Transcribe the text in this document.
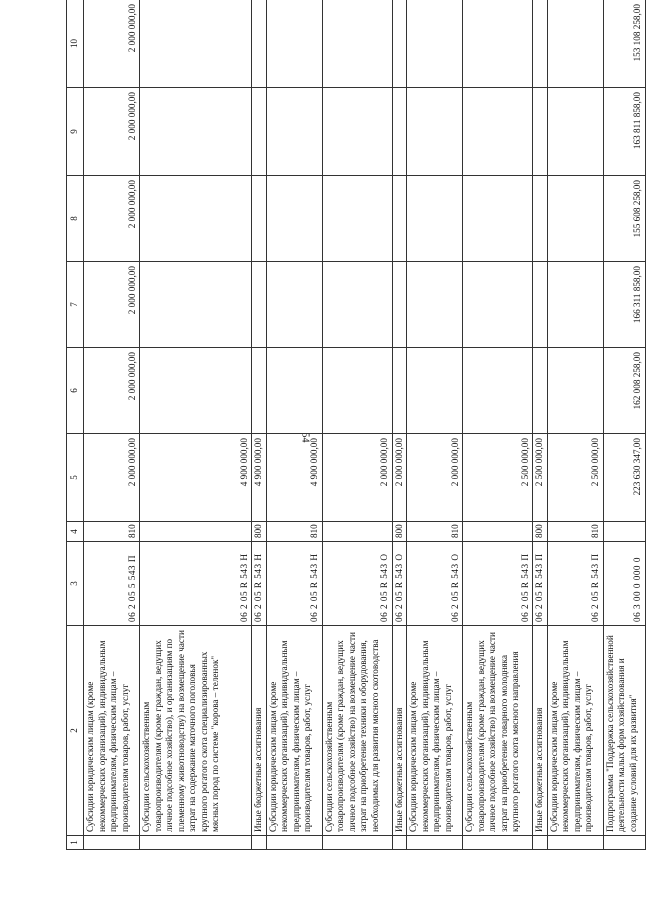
54
1	2	3	4	5	6	7	8	9	10
	Субсидии юридическим лицам (кроме некоммерческих организаций), индивидуальным предпринимателям, физическим лицам – производителям товаров, работ, услуг	06 2 05 5 543 П	810	2 000 000,00	2 000 000,00	2 000 000,00	2 000 000,00	2 000 000,00	2 000 000,00
	Субсидии сельскохозяйственным товаропроизводителям (кроме граждан, ведущих личное подсобное хозяйство), и организациям по племенному животноводству) на возмещение части затрат на содержание маточного поголовья крупного рогатого скота специализированных мясных пород по системе "корова – теленок"	06 2 05 R 543 Н		4 900 000,00					
	Иные бюджетные ассигнования	06 2 05 R 543 Н	800	4 900 000,00					
	Субсидии юридическим лицам (кроме некоммерческих организаций), индивидуальным предпринимателям, физическим лицам – производителям товаров, работ, услуг	06 2 05 R 543 Н	810	4 900 000,00					
	Субсидии сельскохозяйственным товаропроизводителям (кроме граждан, ведущих личное подсобное хозяйство) на возмещение части затрат на приобретение техники и оборудования, необходимых для развития мясного скотоводства	06 2 05 R 543 О		2 000 000,00					
	Иные бюджетные ассигнования	06 2 05 R 543 О	800	2 000 000,00					
	Субсидии юридическим лицам (кроме некоммерческих организаций), индивидуальным предпринимателям, физическим лицам – производителям товаров, работ, услуг	06 2 05 R 543 О	810	2 000 000,00					
	Субсидии сельскохозяйственным товаропроизводителям (кроме граждан, ведущих личное подсобное хозяйство) на возмещение части затрат на приобретение товарного молодняка крупного рогатого скота мясного направления	06 2 05 R 543 П		2 500 000,00					
	Иные бюджетные ассигнования	06 2 05 R 543 П	800	2 500 000,00					
	Субсидии юридическим лицам (кроме некоммерческих организаций), индивидуальным предпринимателям, физическим лицам – производителям товаров, работ, услуг	06 2 05 R 543 П	810	2 500 000,00					
	Подпрограмма "Поддержка сельскохозяйственной деятельности малых форм хозяйствования и создание условий для их развития"	06 3 00 0 000 0		223 630 347,00	162 008 258,00	166 311 858,00	155 608 258,00	163 811 858,00	153 108 258,00
